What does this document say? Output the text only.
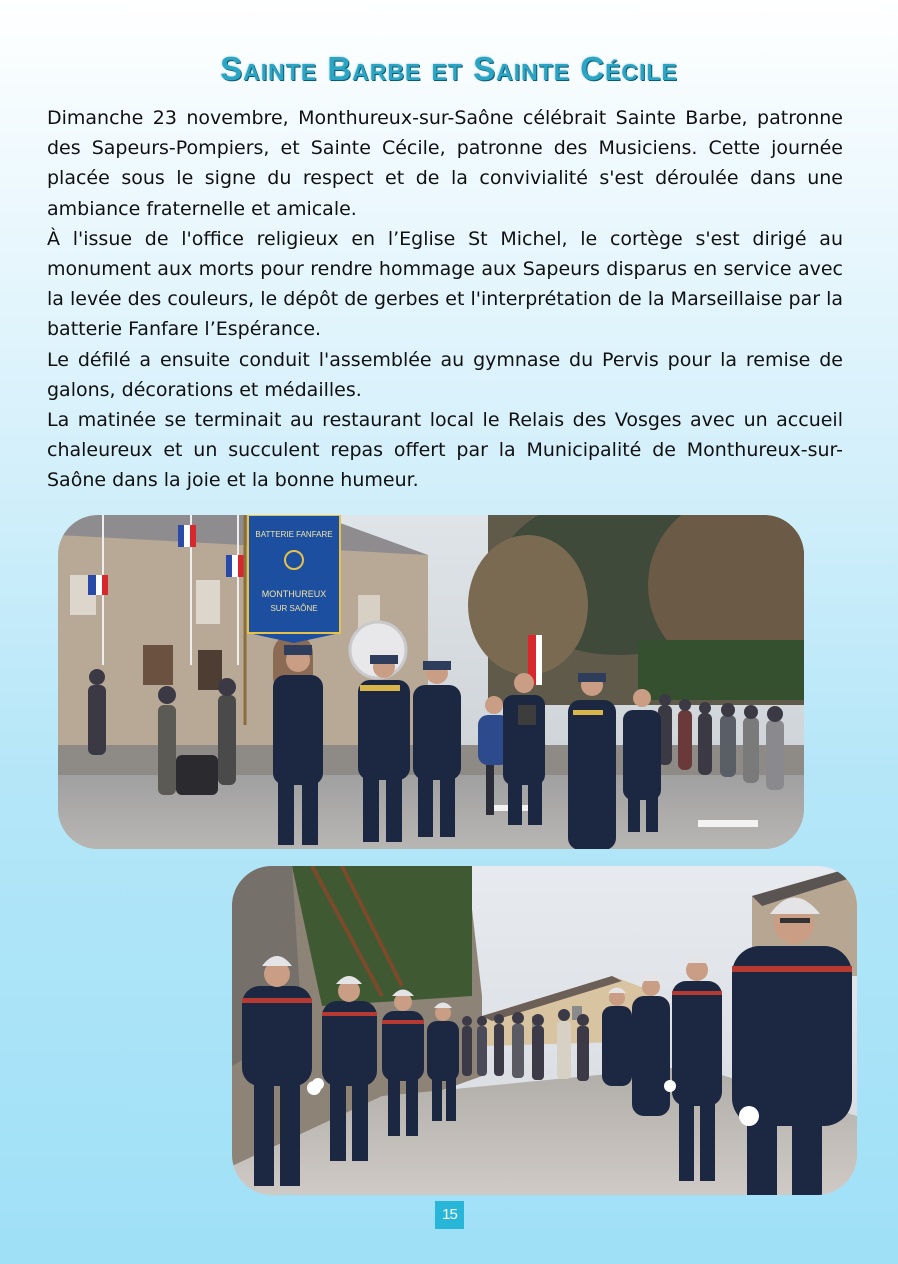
Sainte Barbe et Sainte Cécile

Dimanche 23 novembre, Monthureux-sur-Saône célébrait Sainte Barbe, patronne des Sapeurs-Pompiers, et Sainte Cécile, patronne des Musiciens. Cette journée placée sous le signe du respect et de la convivialité s'est déroulée dans une ambiance fraternelle et amicale.

À l'issue de l'office religieux en l’Eglise St Michel, le cortège s'est dirigé au monument aux morts pour rendre hommage aux Sapeurs disparus en service avec la levée des couleurs, le dépôt de gerbes et l'interprétation de la Marseillaise par la batterie Fanfare l’Espérance.

Le défilé a ensuite conduit l'assemblée au gymnase du Pervis pour la remise de galons, décorations et médailles.

La matinée se terminait au restaurant local le Relais des Vosges avec un accueil chaleureux et un succulent repas offert par la Municipalité de Monthureux-sur-Saône dans la joie et la bonne humeur.

BATTERIE FANFARE
MONTHUREUX
SUR SAÔNE
15
